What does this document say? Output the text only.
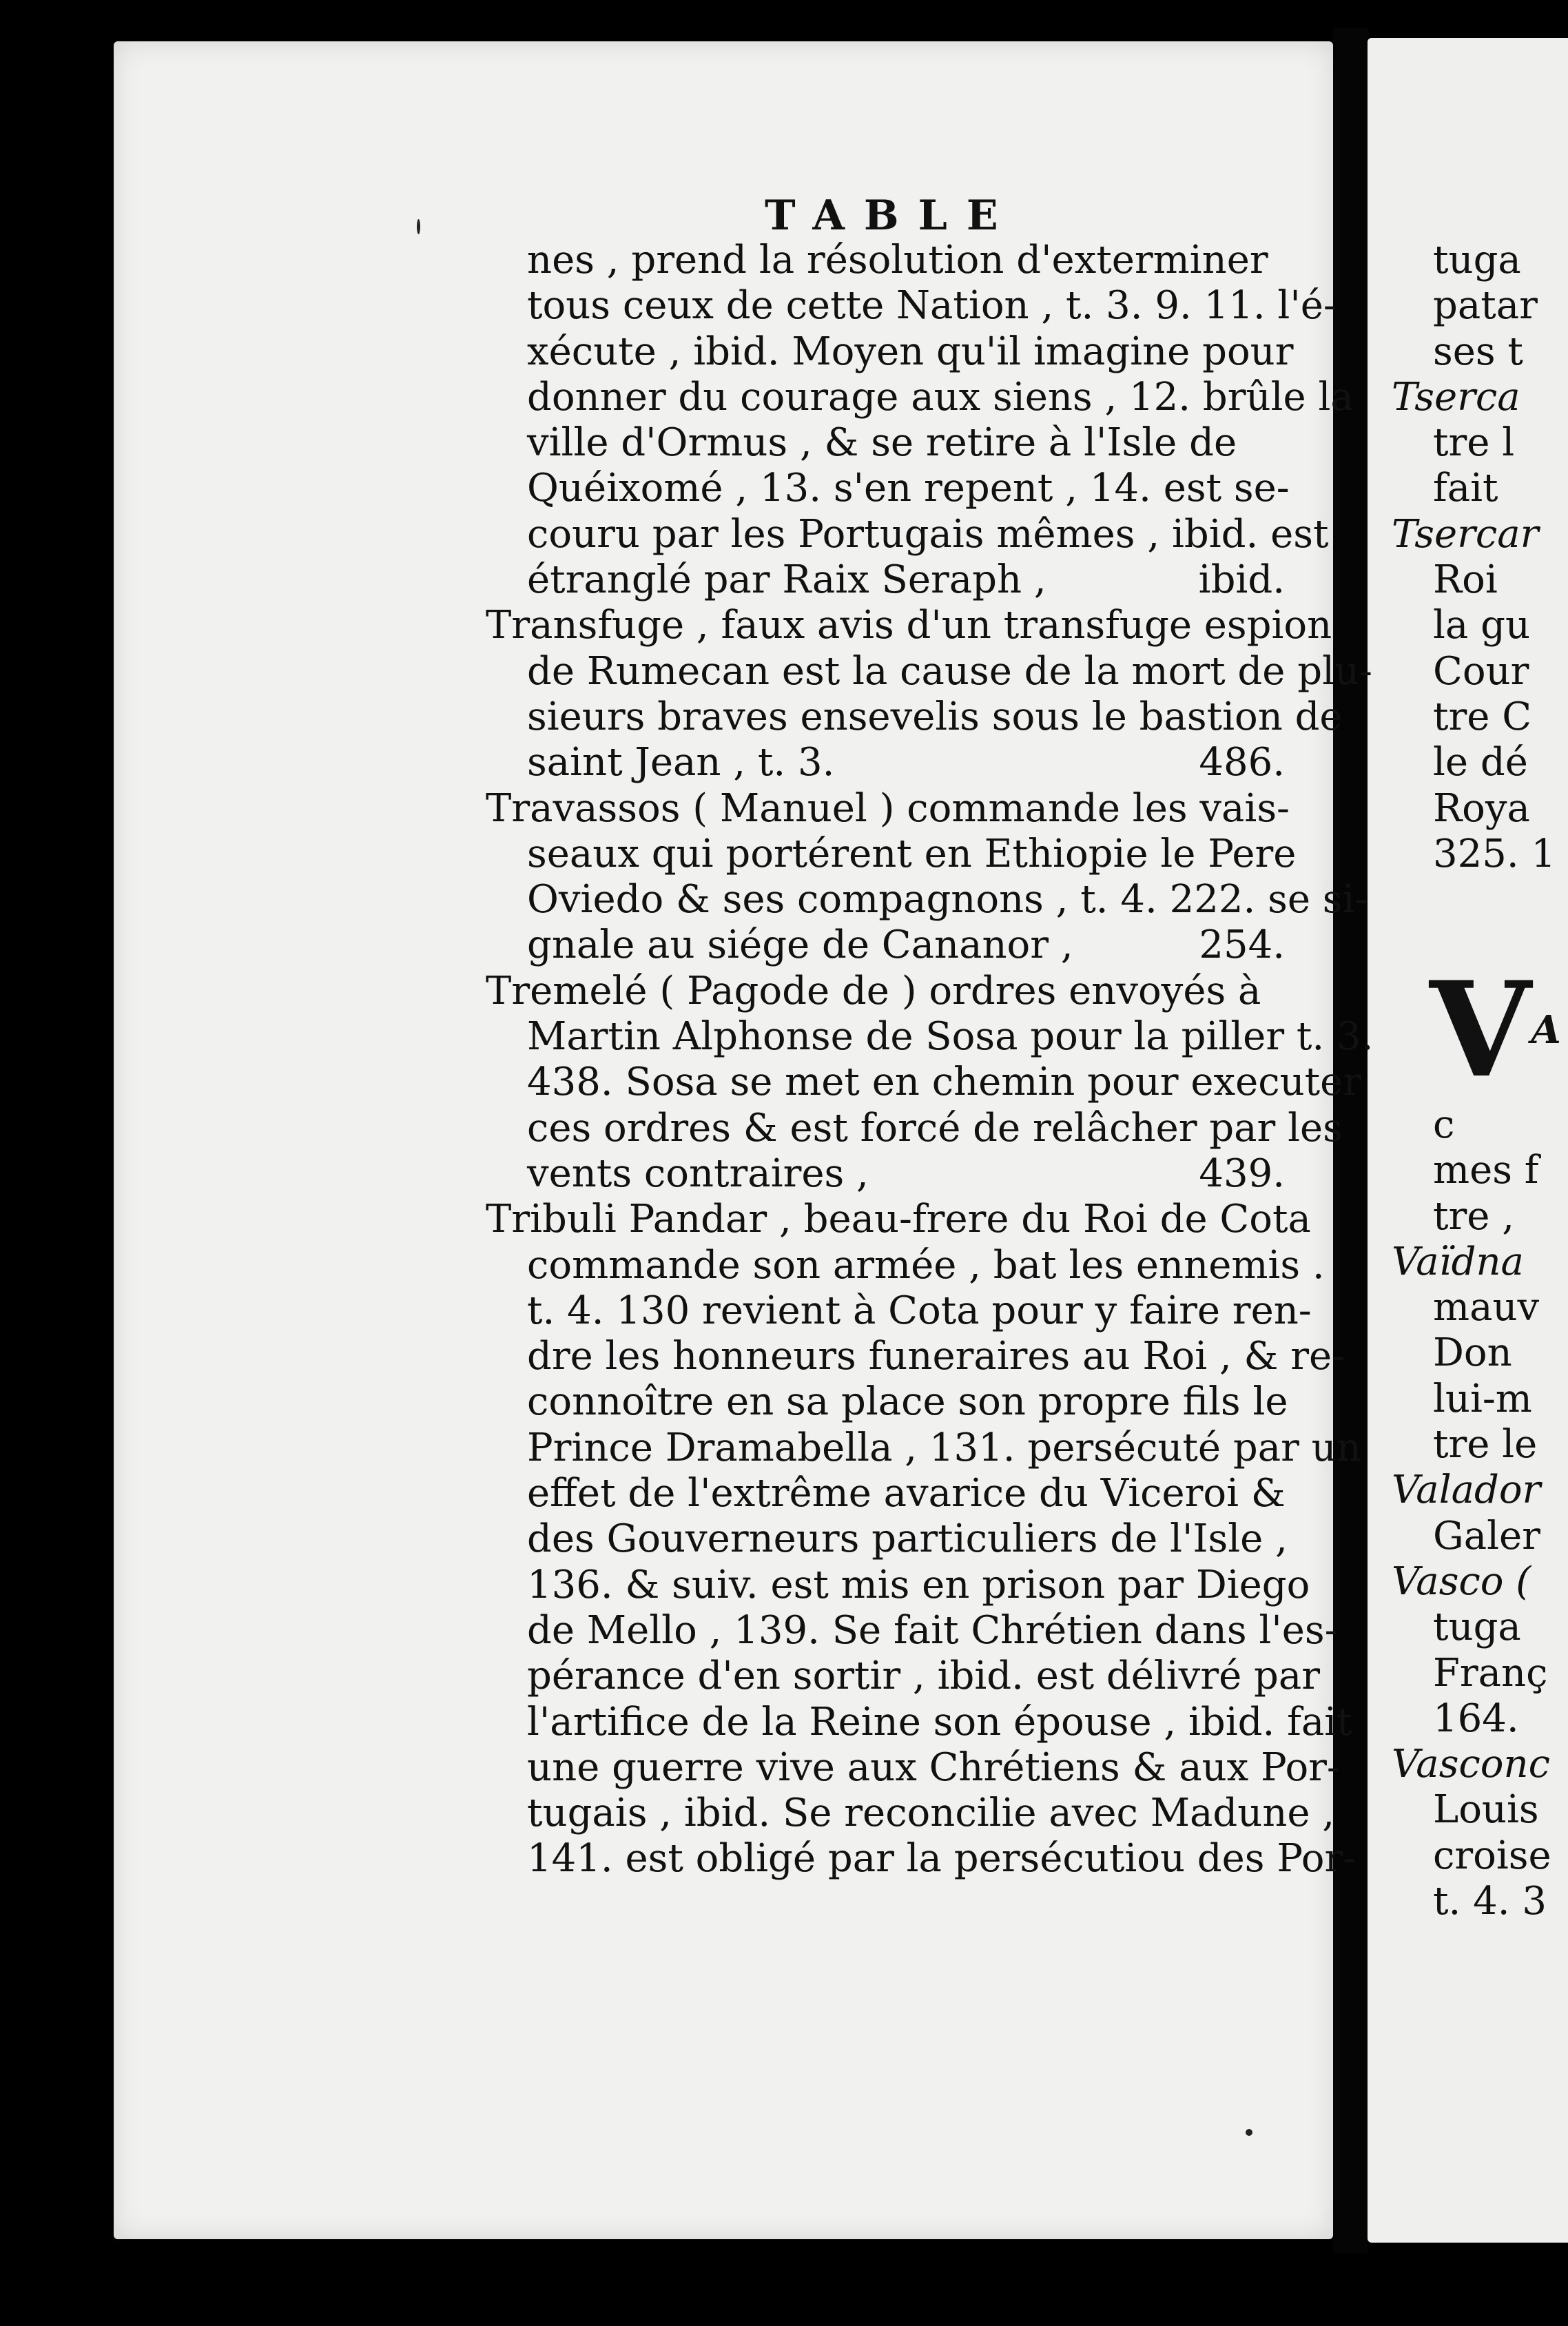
TABLE
nes , prend la résolution d'exterminer
tous ceux de cette Nation , t. 3. 9. 11. l'é-
xécute , ibid. Moyen qu'il imagine pour
donner du courage aux siens , 12. brûle la
ville d'Ormus , & se retire à l'Isle de
Quéixomé , 13. s'en repent , 14. est se-
couru par les Portugais mêmes , ibid. est
étranglé par Raix Seraph ,	ibid.
Transfuge , faux avis d'un transfuge espion
de Rumecan est la cause de la mort de plu-
sieurs braves ensevelis sous le bastion de
saint Jean , t. 3.	486.
Travassos ( Manuel ) commande les vais-
seaux qui portérent en Ethiopie le Pere
Oviedo & ses compagnons , t. 4. 222. se si-
gnale au siége de Cananor ,	254.
Tremelé ( Pagode de ) ordres envoyés à
Martin Alphonse de Sosa pour la piller t. 3.
438. Sosa se met en chemin pour executer
ces ordres & est forcé de relâcher par les
vents contraires ,	439.
Tribuli Pandar , beau-frere du Roi de Cota
commande son armée , bat les ennemis .
t. 4. 130 revient à Cota pour y faire ren-
dre les honneurs funeraires au Roi , & re-
connoître en sa place son propre fils le
Prince Dramabella , 131. persécuté par un
effet de l'extrême avarice du Viceroi &
des Gouverneurs particuliers de l'Isle ,
136. & suiv. est mis en prison par Diego
de Mello , 139. Se fait Chrétien dans l'es-
pérance d'en sortir , ibid. est délivré par
l'artifice de la Reine son épouse , ibid. fait
une guerre vive aux Chrétiens & aux Por-
tugais , ibid. Se reconcilie avec Madune ,
141. est obligé par la persécutiou des Por-
tuga
patar
ses t
Tserca
tre l
fait
Tsercar
Roi
la gu
Cour
tre C
le dé
Roya
325. 1
$V^A$
c
mes f
tre ,
Vaïdna
mauv
Don
lui-m
tre le
Valador
Galer
Vasco (
tuga
Franç
164.
Vasconc
Louis
croise
t. 4. 3
